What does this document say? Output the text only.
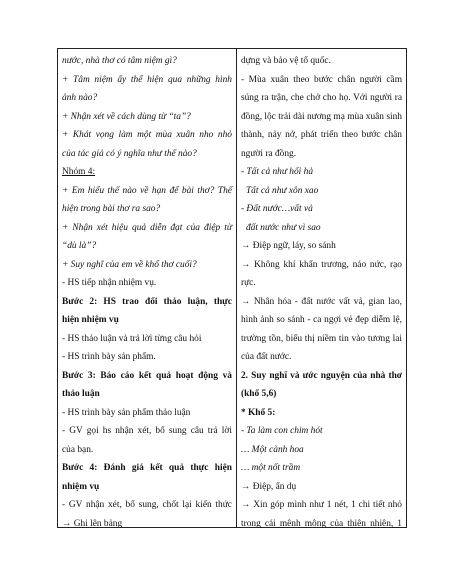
nước, nhà thơ có tâm niệm gì?
+ Tâm niệm ấy thể hiện qua những hình
ảnh nào?
+ Nhận xét về cách dùng từ “ta”?
+ Khát vọng làm một mùa xuân nho nhỏ
của tác giả có ý nghĩa như thế nào?
Nhóm 4:
+ Em hiểu thế nào về hạn để bài thơ? Thể
hiện trong bài thơ ra sao?
+ Nhận xét hiệu quả diễn đạt của điệp từ
“dù là”?
+ Suy nghĩ của em về khổ thơ cuối?
- HS tiếp nhận nhiệm vụ.
Bước 2: HS trao đổi thảo luận, thực
hiện nhiệm vụ
- HS thảo luận và trả lời từng câu hỏi
- HS trình bày sản phẩm.
Bước 3: Báo cáo kết quả hoạt động và
thảo luận
- HS trình bày sản phẩm thảo luận
- GV gọi hs nhận xét, bổ sung câu trả lời
của bạn.
Bước 4: Đánh giá kết quả thực hiện
nhiệm vụ
- GV nhận xét, bổ sung, chốt lại kiến thức
→ Ghi lên bảng
dựng và bảo vệ tổ quốc.
- Mùa xuân theo bước chân người cầm
súng ra trận, che chở cho họ. Với người ra
đồng, lộc trải dài nương mạ mùa xuân sinh
thành, nảy nở, phát triển theo bước chân
người ra đồng.
- Tất cả như hối hả
Tất cả như xôn xao
- Đất nước…vất vả
đất nước như vì sao
→ Điệp ngữ, láy, so sánh
→ Không khí khẩn trương, náo nức, rạo
rực.
→ Nhân hóa - đất nước vất vả, gian lao,
hình ảnh so sánh - ca ngợi vẻ đẹp diễm lệ,
trường tồn, biểu thị niềm tin vào tương lai
của đất nước.
2. Suy nghĩ và ước nguyện của nhà thơ
(khổ 5,6)
* Khổ 5:
- Ta làm con chim hót
… Một cành hoa
… một nốt trầm
→ Điệp, ẩn dụ
→ Xin góp mình như 1 nét, 1 chi tiết nhỏ
trong cái mênh mông của thiên nhiên, 1
